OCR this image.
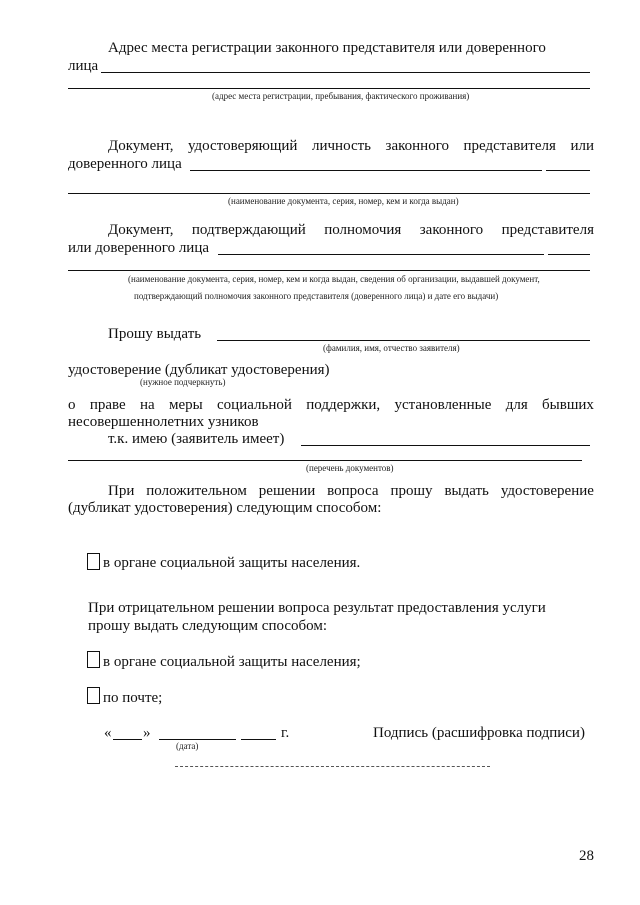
Адрес места регистрации законного представителя или доверенного
лица
(адрес места регистрации, пребывания, фактического проживания)
Документ, удостоверяющий личность законного представителя или
доверенного лица
(наименование документа, серия, номер, кем и когда выдан)
Документ, подтверждающий полномочия законного представителя
или доверенного лица
(наименование документа, серия, номер, кем и когда выдан, сведения об организации, выдавшей документ,
подтверждающий полномочия законного представителя (доверенного лица) и дате его выдачи)
Прошу выдать
(фамилия, имя, отчество заявителя)
удостоверение (дубликат удостоверения)
(нужное подчеркнуть)
о праве на меры социальной поддержки, установленные для бывших
несовершеннолетних узников
т.к. имею (заявитель имеет)
(перечень документов)
При положительном решении вопроса прошу выдать удостоверение
(дубликат удостоверения) следующим способом:
в органе социальной защиты населения.
При отрицательном решении вопроса результат предоставления услуги
прошу выдать следующим способом:
в органе социальной защиты населения;
по почте;
« »	г.
(дата)
Подпись (расшифровка подписи)
28
